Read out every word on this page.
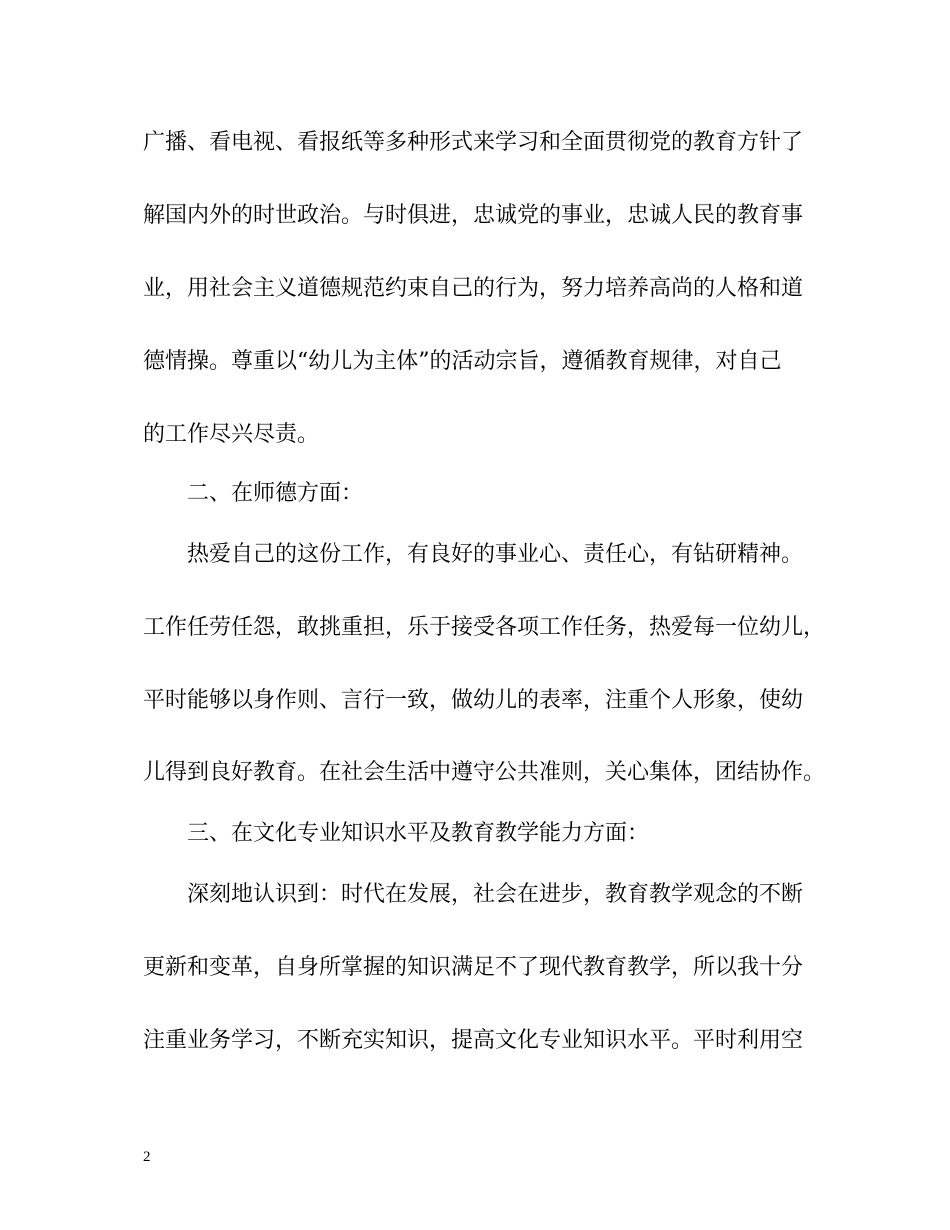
广播、看电视、看报纸等多种形式来学习和全面贯彻党的教育方针了
解国内外的时世政治。与时俱进，忠诚党的事业，忠诚人民的教育事
业，用社会主义道德规范约束自己的行为，努力培养高尚的人格和道
德情操。尊重以“幼儿为主体”的活动宗旨，遵循教育规律，对自己
的工作尽兴尽责。
二、在师德方面：
热爱自己的这份工作，有良好的事业心、责任心，有钻研精神。
工作任劳任怨，敢挑重担，乐于接受各项工作任务，热爱每一位幼儿，
平时能够以身作则、言行一致，做幼儿的表率，注重个人形象，使幼
儿得到良好教育。在社会生活中遵守公共准则，关心集体，团结协作。
三、在文化专业知识水平及教育教学能力方面：
深刻地认识到：时代在发展，社会在进步，教育教学观念的不断
更新和变革，自身所掌握的知识满足不了现代教育教学，所以我十分
注重业务学习，不断充实知识，提高文化专业知识水平。平时利用空
2
